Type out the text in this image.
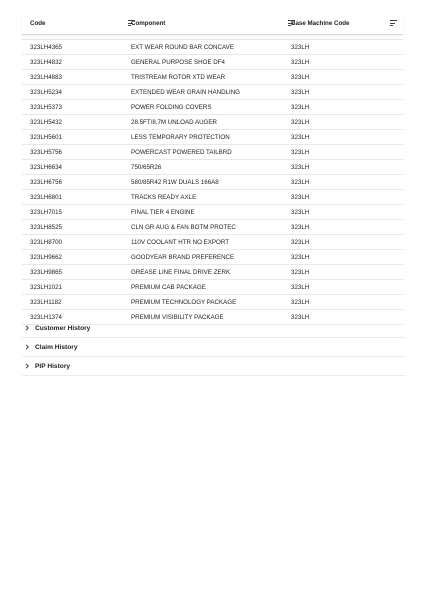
Code	Component	Base Machine Code
323LH4365	EXT WEAR ROUND BAR CONCAVE	323LH
323LH4832	GENERAL PURPOSE SHOE DF4	323LH
323LH4883	TRISTREAM ROTOR XTD WEAR	323LH
323LH5234	EXTENDED WEAR GRAIN HANDLING	323LH
323LH5373	POWER FOLDING COVERS	323LH
323LH5432	28.5FT/8.7M UNLOAD AUGER	323LH
323LH5601	LESS TEMPORARY PROTECTION	323LH
323LH5756	POWERCAST POWERED TAILBRD	323LH
323LH6634	750/65R26	323LH
323LH6756	580/85R42 R1W DUALS 166A8	323LH
323LH6801	TRACKS READY AXLE	323LH
323LH7015	FINAL TIER 4 ENGINE	323LH
323LH8525	CLN GR AUG & FAN BOTM PROTEC	323LH
323LH8700	110V COOLANT HTR NO EXPORT	323LH
323LH9662	GOODYEAR BRAND PREFERENCE	323LH
323LH9865	GREASE LINE FINAL DRIVE ZERK	323LH
323LH1021	PREMIUM CAB PACKAGE	323LH
323LH1182	PREMIUM TECHNOLOGY PACKAGE	323LH
323LH1374	PREMIUM VISIBILITY PACKAGE	323LH
Customer History
Claim History
PIP History
